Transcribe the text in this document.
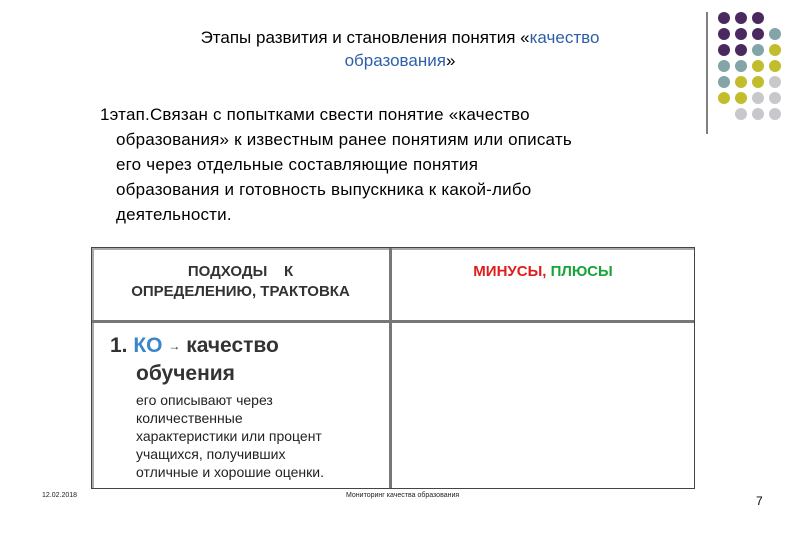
Этапы развития и становления понятия «качество
образования»
1этап.Связан с попытками свести понятие «качество
образования» к известным ранее понятиям или описать
его через отдельные составляющие понятия
образования и готовность выпускника к какой-либо
деятельности.
ПОДХОДЫ    К
ОПРЕДЕЛЕНИЮ, ТРАКТОВКА
МИНУСЫ, ПЛЮСЫ
1. КО → качество
обучения
его описывают через
количественные
характеристики или процент
учащихся, получивших
отличные и хорошие оценки.
12.02.2018	Мониторинг качества образования	7
